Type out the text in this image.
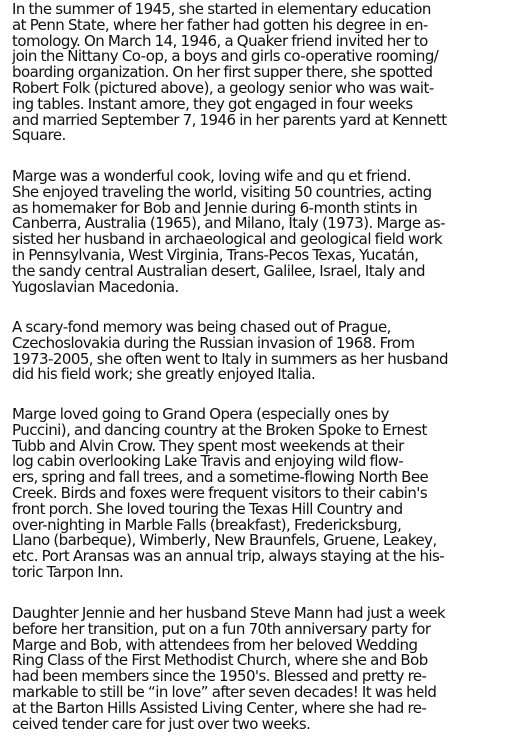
In the summer of 1945, she started in elementary education
at Penn State, where her father had gotten his degree in en-
tomology. On March 14, 1946, a Quaker friend invited her to
join the Nittany Co-op, a boys and girls co-operative rooming/
boarding organization. On her first supper there, she spotted
Robert Folk (pictured above), a geology senior who was wait-
ing tables. Instant amore, they got engaged in four weeks
and married September 7, 1946 in her parents yard at Kennett
Square.
Marge was a wonderful cook, loving wife and qu et friend.
She enjoyed traveling the world, visiting 50 countries, acting
as homemaker for Bob and Jennie during 6-month stints in
Canberra, Australia (1965), and Milano, Italy (1973). Marge as-
sisted her husband in archaeological and geological field work
in Pennsylvania, West Virginia, Trans-Pecos Texas, Yucatán,
the sandy central Australian desert, Galilee, Israel, Italy and
Yugoslavian Macedonia.
A scary-fond memory was being chased out of Prague,
Czechoslovakia during the Russian invasion of 1968. From
1973-2005, she often went to Italy in summers as her husband
did his field work; she greatly enjoyed Italia.
Marge loved going to Grand Opera (especially ones by
Puccini), and dancing country at the Broken Spoke to Ernest
Tubb and Alvin Crow. They spent most weekends at their
log cabin overlooking Lake Travis and enjoying wild flow-
ers, spring and fall trees, and a sometime-flowing North Bee
Creek. Birds and foxes were frequent visitors to their cabin's
front porch. She loved touring the Texas Hill Country and
over-nighting in Marble Falls (breakfast), Fredericksburg,
Llano (barbeque), Wimberly, New Braunfels, Gruene, Leakey,
etc. Port Aransas was an annual trip, always staying at the his-
toric Tarpon Inn.
Daughter Jennie and her husband Steve Mann had just a week
before her transition, put on a fun 70th anniversary party for
Marge and Bob, with attendees from her beloved Wedding
Ring Class of the First Methodist Church, where she and Bob
had been members since the 1950's. Blessed and pretty re-
markable to still be “in love” after seven decades! It was held
at the Barton Hills Assisted Living Center, where she had re-
ceived tender care for just over two weeks.
